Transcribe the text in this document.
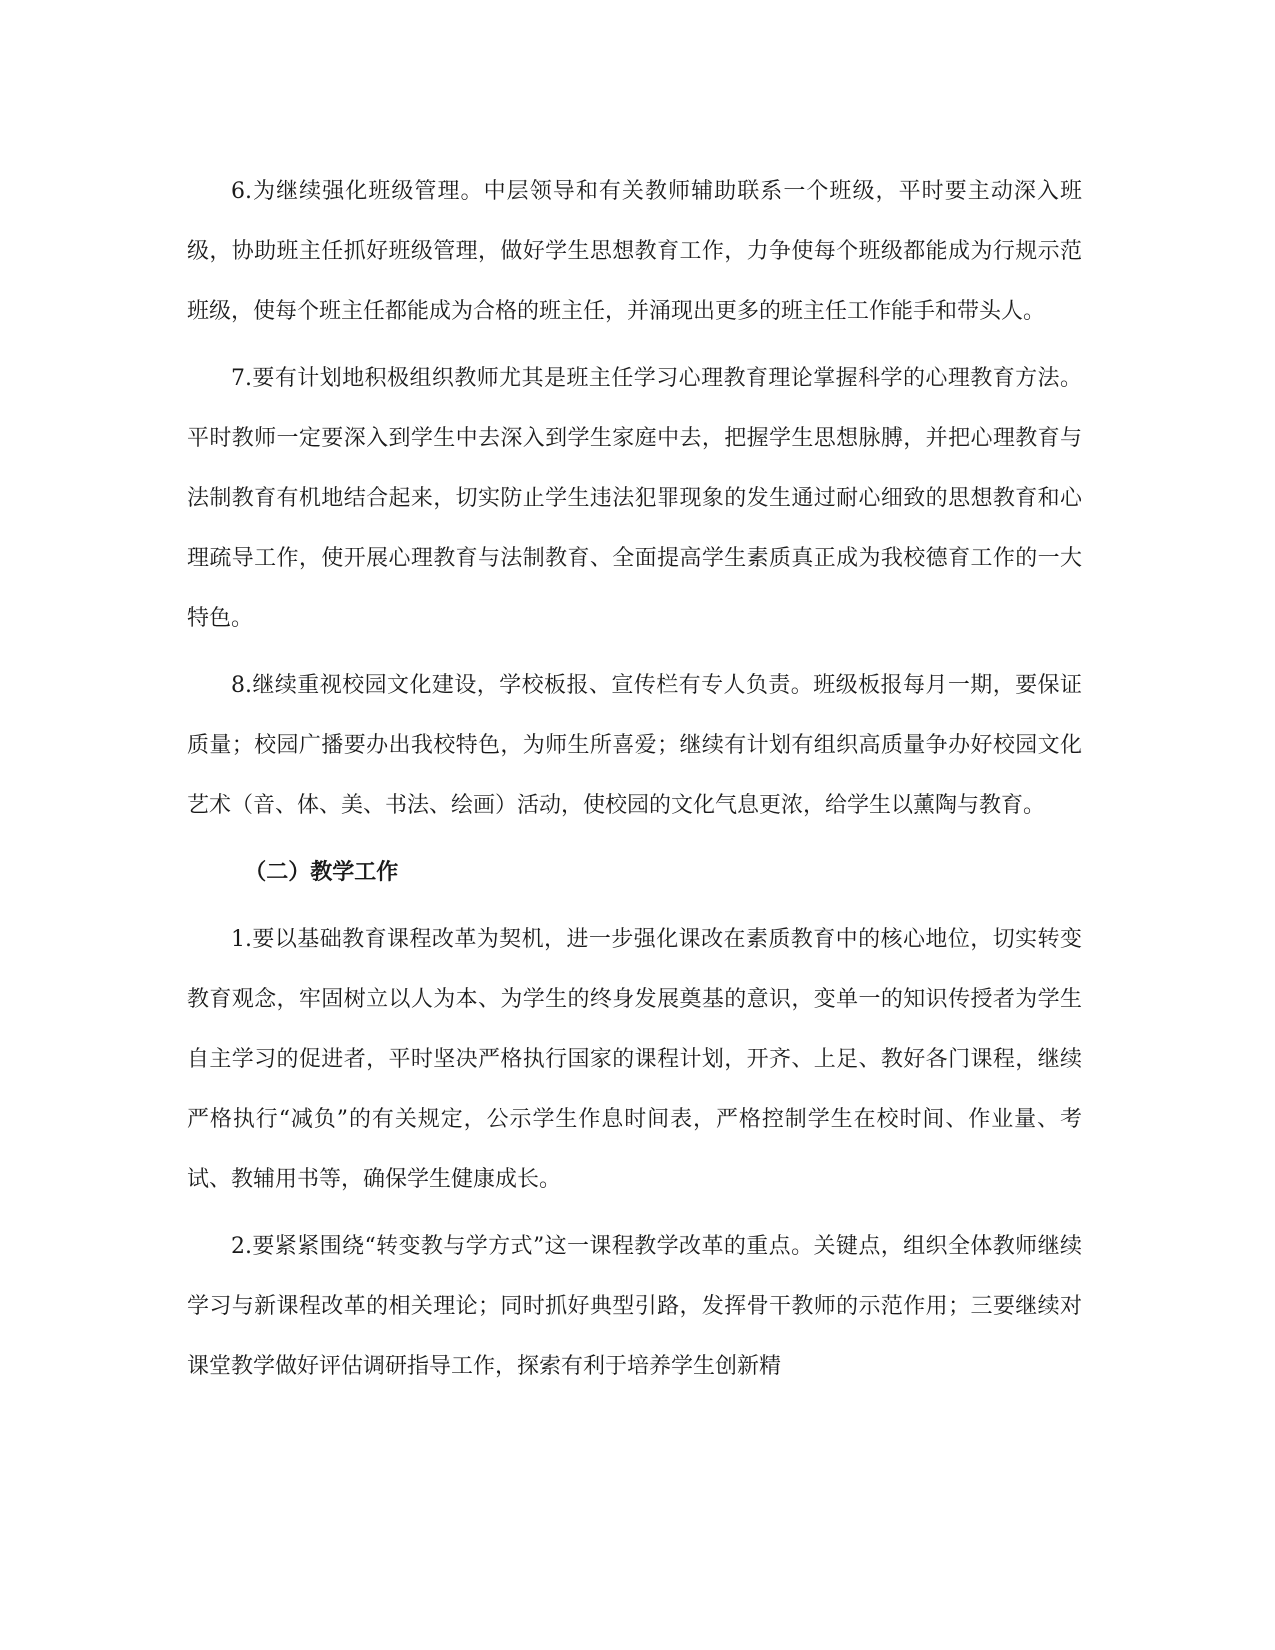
6.为继续强化班级管理。中层领导和有关教师辅助联系一个班级，平时要主动深入班级，协助班主任抓好班级管理，做好学生思想教育工作，力争使每个班级都能成为行规示范班级，使每个班主任都能成为合格的班主任，并涌现出更多的班主任工作能手和带头人。

7.要有计划地积极组织教师尤其是班主任学习心理教育理论掌握科学的心理教育方法。平时教师一定要深入到学生中去深入到学生家庭中去，把握学生思想脉膊，并把心理教育与法制教育有机地结合起来，切实防止学生违法犯罪现象的发生通过耐心细致的思想教育和心理疏导工作，使开展心理教育与法制教育、全面提高学生素质真正成为我校德育工作的一大特色。

8.继续重视校园文化建设，学校板报、宣传栏有专人负责。班级板报每月一期，要保证质量；校园广播要办出我校特色，为师生所喜爱；继续有计划有组织高质量争办好校园文化艺术（音、体、美、书法、绘画）活动，使校园的文化气息更浓，给学生以薰陶与教育。

（二）教学工作

1.要以基础教育课程改革为契机，进一步强化课改在素质教育中的核心地位，切实转变教育观念，牢固树立以人为本、为学生的终身发展奠基的意识，变单一的知识传授者为学生自主学习的促进者，平时坚决严格执行国家的课程计划，开齐、上足、教好各门课程，继续严格执行“减负”的有关规定，公示学生作息时间表，严格控制学生在校时间、作业量、考试、教辅用书等，确保学生健康成长。

2.要紧紧围绕“转变教与学方式”这一课程教学改革的重点。关键点，组织全体教师继续学习与新课程改革的相关理论；同时抓好典型引路，发挥骨干教师的示范作用；三要继续对课堂教学做好评估调研指导工作，探索有利于培养学生创新精
